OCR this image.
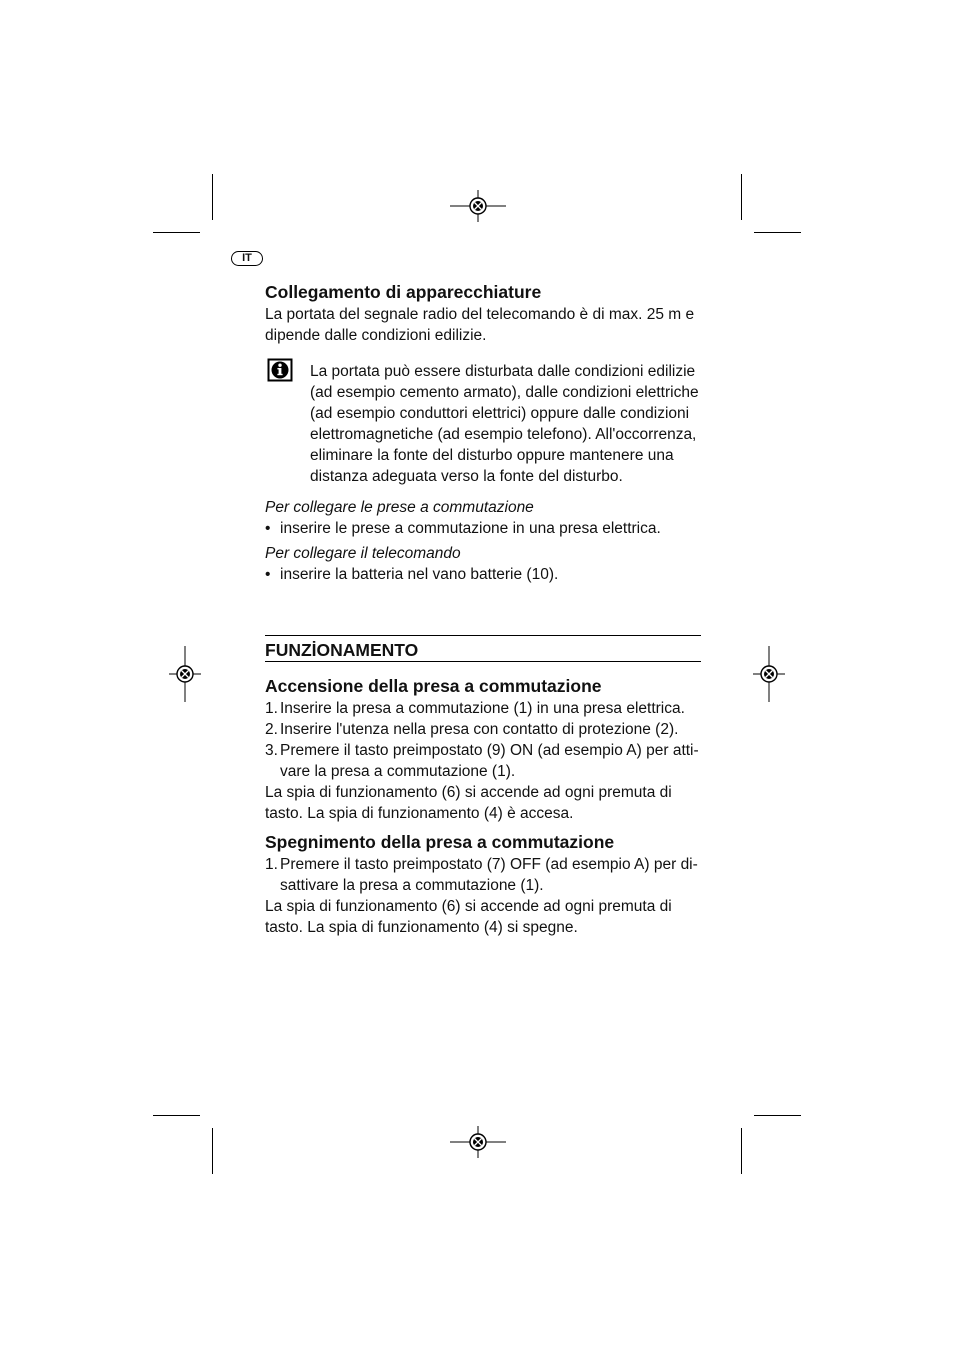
IT
Collegamento di apparecchiature

La portata del segnale radio del telecomando è di max. 25 m e

dipende dalle condizioni edilizie.

La portata può essere disturbata dalle condizioni edilizie

(ad esempio cemento armato), dalle condizioni elettriche

(ad esempio conduttori elettrici) oppure dalle condizioni

elettromagnetiche (ad esempio telefono). All'occorrenza,

eliminare la fonte del disturbo oppure mantenere una

distanza adeguata verso la fonte del disturbo.

Per collegare le prese a commutazione

• inserire le prese a commutazione in una presa elettrica.

Per collegare il telecomando

• inserire la batteria nel vano batterie (10).
FUNZİONAMENTO
Accensione della presa a commutazione
1. Inserire la presa a commutazione (1) in una presa elettrica.
2. Inserire l'utenza nella presa con contatto di protezione (2).
3. Premere il tasto preimpostato (9) ON (ad esempio A) per atti-
vare la presa a commutazione (1).

La spia di funzionamento (6) si accende ad ogni premuta di

tasto. La spia di funzionamento (4) è accesa.

Spegnimento della presa a commutazione
1. Premere il tasto preimpostato (7) OFF (ad esempio A) per di-
sattivare la presa a commutazione (1).

La spia di funzionamento (6) si accende ad ogni premuta di

tasto. La spia di funzionamento (4) si spegne.
